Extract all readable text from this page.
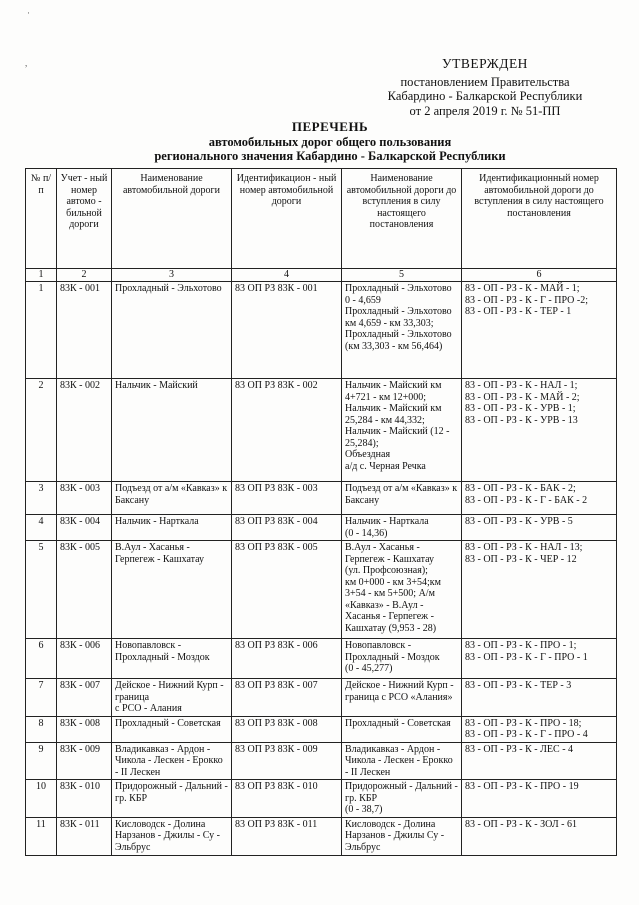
УТВЕРЖДЕН
постановлением Правительства
Кабардино - Балкарской Республики
от 2 апреля 2019 г. № 51-ПП
ПЕРЕЧЕНЬ
автомобильных дорог общего пользования
регионального значения Кабардино - Балкарской Республики
№ п/п	Учет - ный номер автомо - бильной дороги	Наименование автомобильной дороги	Идентификацион - ный номер автомобильной дороги	Наименование автомобильной дороги до вступления в силу настоящего постановления	Идентификационный номер автомобильной дороги до вступления в силу настоящего постановления
1	2	3	4	5	6
1	83К - 001	Прохладный - Эльхотово	83 ОП РЗ 83К - 001	Прохладный - Эльхотово 0 - 4,659
Прохладный - Эльхотово
км 4,659 - км 33,303;
Прохладный - Эльхотово
(км 33,303 - км 56,464)	83 - ОП - РЗ - К - МАЙ - 1;
83 - ОП - РЗ - К - Г - ПРО -2;
83 - ОП - РЗ - К - ТЕР - 1
2	83К - 002	Нальчик - Майский	83 ОП РЗ 83К - 002	Нальчик - Майский км 4+721 - км 12+000;
Нальчик - Майский км 25,284 - км 44,332;
Нальчик - Майский (12 - 25,284);
Объездная
а/д с. Черная Речка	83 - ОП - РЗ - К - НАЛ - 1;
83 - ОП - РЗ - К - МАЙ - 2;
83 - ОП - РЗ - К - УРВ - 1;
83 - ОП - РЗ - К - УРВ - 13
3	83К - 003	Подъезд от а/м «Кавказ» к Баксану	83 ОП РЗ 83К - 003	Подъезд от а/м «Кавказ» к Баксану	83 - ОП - РЗ - К - БАК - 2;
83 - ОП - РЗ - К - Г - БАК - 2
4	83К - 004	Нальчик - Нарткала	83 ОП РЗ 83К - 004	Нальчик - Нарткала
(0 - 14,36)	83 - ОП - РЗ - К - УРВ - 5
5	83К - 005	В.Аул - Хасанья - Герпегеж - Кашхатау	83 ОП РЗ 83К - 005	В.Аул - Хасанья - Герпегеж - Кашхатау
(ул. Профсоюзная);
км 0+000 - км 3+54;км 3+54 - км 5+500; А/м «Кавказ» - В.Аул - Хасанья - Герпегеж - Кашхатау (9,953 - 28)	83 - ОП - РЗ - К - НАЛ - 13;
83 - ОП - РЗ - К - ЧЕР - 12
6	83К - 006	Новопавловск - Прохладный - Моздок	83 ОП РЗ 83К - 006	Новопавловск - Прохладный - Моздок
(0 - 45,277)	83 - ОП - РЗ - К - ПРО - 1;
83 - ОП - РЗ - К - Г - ПРО - 1
7	83К - 007	Дейское - Нижний Курп - граница
с РСО - Алания	83 ОП РЗ 83К - 007	Дейское - Нижний Курп - граница с РСО «Алания»	83 - ОП - РЗ - К - ТЕР - 3
8	83К - 008	Прохладный - Советская	83 ОП РЗ 83К - 008	Прохладный - Советская	83 - ОП - РЗ - К - ПРО - 18;
83 - ОП - РЗ - К - Г - ПРО - 4
9	83К - 009	Владикавказ - Ардон - Чикола - Лескен - Ерокко - II Лескен	83 ОП РЗ 83К - 009	Владикавказ - Ардон - Чикола - Лескен - Ерокко - II Лескен	83 - ОП - РЗ - К - ЛЕС - 4
10	83К - 010	Придорожный - Дальний - гр. КБР	83 ОП РЗ 83К - 010	Придорожный - Дальний - гр. КБР
(0 - 38,7)	83 - ОП - РЗ - К - ПРО - 19
11	83К - 011	Кисловодск - Долина Нарзанов - Джилы - Су - Эльбрус	83 ОП РЗ 83К - 011	Кисловодск - Долина Нарзанов - Джилы Су - Эльбрус	83 - ОП - РЗ - К - ЗОЛ - 61
·
,
